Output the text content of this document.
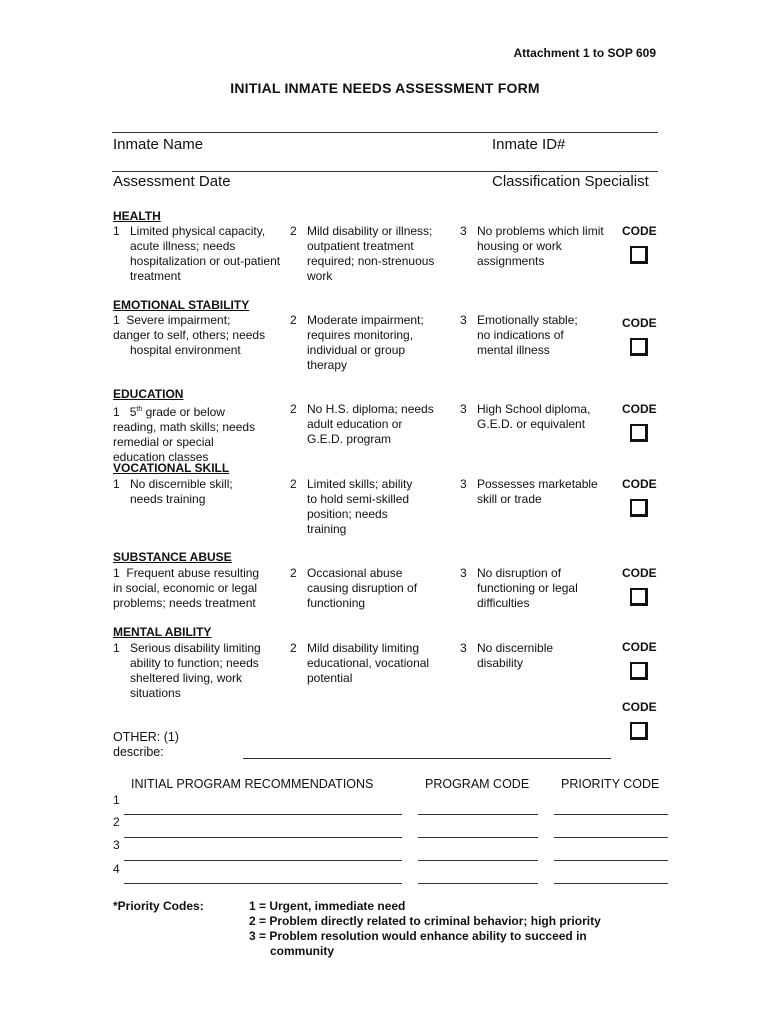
Attachment 1 to SOP 609
INITIAL INMATE NEEDS ASSESSMENT FORM
Inmate Name	Inmate ID#
Assessment Date	Classification Specialist
HEALTH
1 Limited physical capacity, acute illness; needs hospitalization or out-patient treatment
2 Mild disability or illness; outpatient treatment required; non-strenuous work
3 No problems which limit housing or work assignments
CODE
EMOTIONAL STABILITY
1 Severe impairment;
danger to self, others; needs
hospital environment
2 Moderate impairment; requires monitoring, individual or group therapy
3 Emotionally stable; no indications of mental illness
CODE
EDUCATION
1 5th grade or below
reading, math skills; needs
remedial or special
education classes
2 No H.S. diploma; needs adult education or G.E.D. program
3 High School diploma, G.E.D. or equivalent
CODE
VOCATIONAL SKILL
1 No discernible skill; needs training
2 Limited skills; ability to hold semi-skilled position; needs training
3 Possesses marketable skill or trade
CODE
SUBSTANCE ABUSE
1 Frequent abuse resulting
in social, economic or legal
problems; needs treatment
2 Occasional abuse causing disruption of functioning
3 No disruption of functioning or legal difficulties
CODE
MENTAL ABILITY
1 Serious disability limiting ability to function; needs sheltered living, work situations
2 Mild disability limiting educational, vocational potential
3 No discernible disability
CODE
CODE
OTHER: (1)
describe:
INITIAL PROGRAM RECOMMENDATIONS	PROGRAM CODE	PRIORITY CODE
1
2
3
4
*Priority Codes:	1 = Urgent, immediate need
2 = Problem directly related to criminal behavior; high priority
3 = Problem resolution would enhance ability to succeed in
community
